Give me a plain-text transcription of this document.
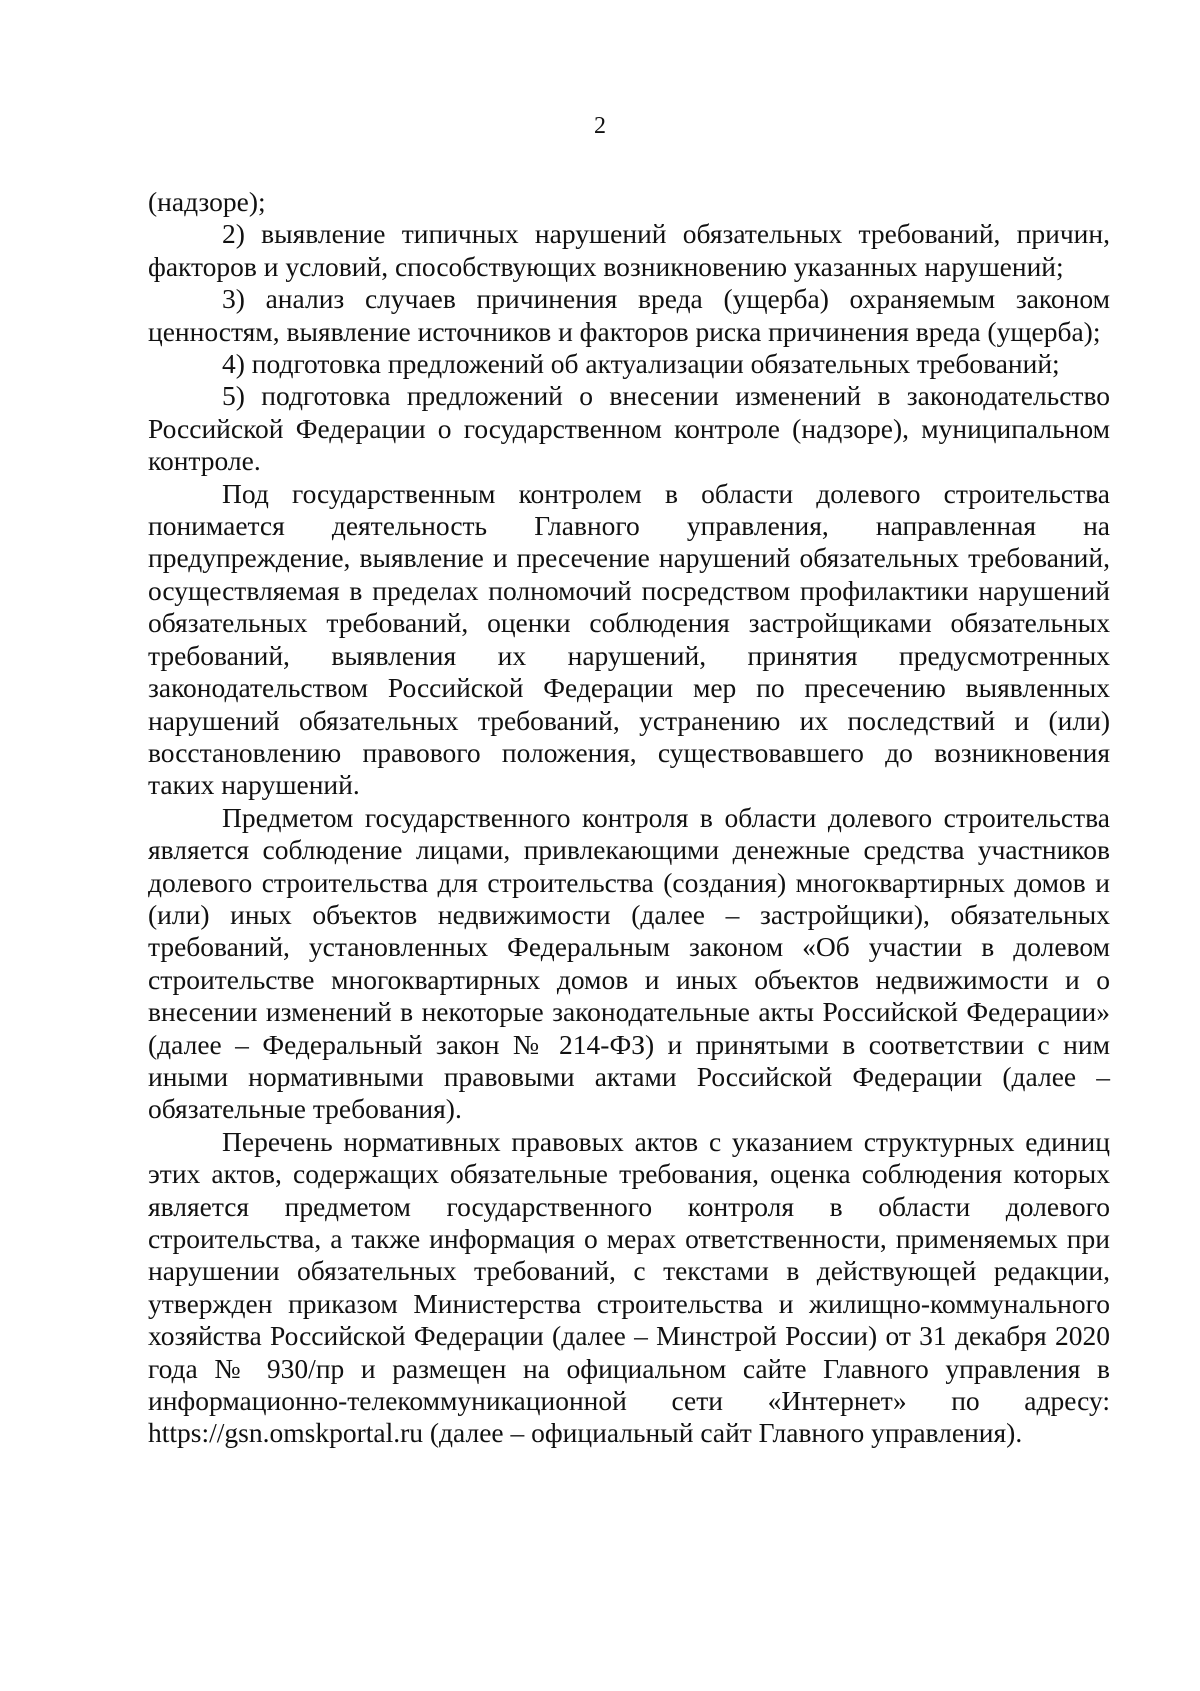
2

(надзоре);

2) выявление типичных нарушений обязательных требований, причин, факторов и условий, способствующих возникновению указанных нарушений;

3) анализ случаев причинения вреда (ущерба) охраняемым законом ценностям, выявление источников и факторов риска причинения вреда (ущерба);

4) подготовка предложений об актуализации обязательных требований;

5) подготовка предложений о внесении изменений в законодательство Российской Федерации о государственном контроле (надзоре), муниципальном контроле.

Под государственным контролем в области долевого строительства понимается деятельность Главного управления, направленная на предупреждение, выявление и пресечение нарушений обязательных требований, осуществляемая в пределах полномочий посредством профилактики нарушений обязательных требований, оценки соблюдения застройщиками обязательных требований, выявления их нарушений, принятия предусмотренных законодательством Российской Федерации мер по пресечению выявленных нарушений обязательных требований, устранению их последствий и (или) восстановлению правового положения, существовавшего до возникновения таких нарушений.

Предметом государственного контроля в области долевого строительства является соблюдение лицами, привлекающими денежные средства участников долевого строительства для строительства (создания) многоквартирных домов и (или) иных объектов недвижимости (далее – застройщики), обязательных требований, установленных Федеральным законом «Об участии в долевом строительстве многоквартирных домов и иных объектов недвижимости и о внесении изменений в некоторые законодательные акты Российской Федерации» (далее – Федеральный закон № 214-ФЗ) и принятыми в соответствии с ним иными нормативными правовыми актами Российской Федерации (далее – обязательные требования).

Перечень нормативных правовых актов с указанием структурных единиц этих актов, содержащих обязательные требования, оценка соблюдения которых является предметом государственного контроля в области долевого строительства, а также информация о мерах ответственности, применяемых при нарушении обязательных требований, с текстами в действующей редакции, утвержден приказом Министерства строительства и жилищно-коммунального хозяйства Российской Федерации (далее – Минстрой России) от 31 декабря 2020 года № 930/пр и размещен на официальном сайте Главного управления в информационно-телекоммуникационной сети «Интернет» по адресу: https://gsn.omskportal.ru (далее – официальный сайт Главного управления).
